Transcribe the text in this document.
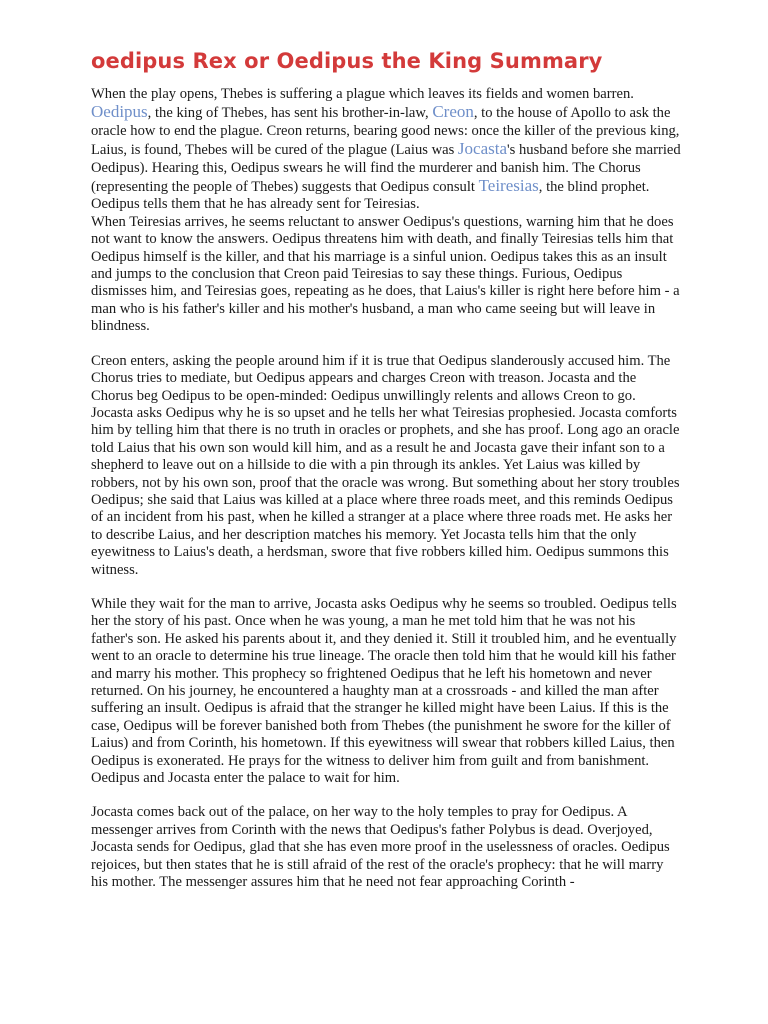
oedipus Rex or Oedipus the King Summary

When the play opens, Thebes is suffering a plague which leaves its fields and women barren. Oedipus, the king of Thebes, has sent his brother-in-law, Creon, to the house of Apollo to ask the oracle how to end the plague. Creon returns, bearing good news: once the killer of the previous king, Laius, is found, Thebes will be cured of the plague (Laius was Jocasta's husband before she married Oedipus). Hearing this, Oedipus swears he will find the murderer and banish him. The Chorus (representing the people of Thebes) suggests that Oedipus consult Teiresias, the blind prophet. Oedipus tells them that he has already sent for Teiresias.

When Teiresias arrives, he seems reluctant to answer Oedipus's questions, warning him that he does not want to know the answers. Oedipus threatens him with death, and finally Teiresias tells him that Oedipus himself is the killer, and that his marriage is a sinful union. Oedipus takes this as an insult and jumps to the conclusion that Creon paid Teiresias to say these things. Furious, Oedipus dismisses him, and Teiresias goes, repeating as he does, that Laius's killer is right here before him - a man who is his father's killer and his mother's husband, a man who came seeing but will leave in blindness.

Creon enters, asking the people around him if it is true that Oedipus slanderously accused him. The Chorus tries to mediate, but Oedipus appears and charges Creon with treason. Jocasta and the Chorus beg Oedipus to be open-minded: Oedipus unwillingly relents and allows Creon to go. Jocasta asks Oedipus why he is so upset and he tells her what Teiresias prophesied. Jocasta comforts him by telling him that there is no truth in oracles or prophets, and she has proof. Long ago an oracle told Laius that his own son would kill him, and as a result he and Jocasta gave their infant son to a shepherd to leave out on a hillside to die with a pin through its ankles. Yet Laius was killed by robbers, not by his own son, proof that the oracle was wrong. But something about her story troubles Oedipus; she said that Laius was killed at a place where three roads meet, and this reminds Oedipus of an incident from his past, when he killed a stranger at a place where three roads met. He asks her to describe Laius, and her description matches his memory. Yet Jocasta tells him that the only eyewitness to Laius's death, a herdsman, swore that five robbers killed him. Oedipus summons this witness.

While they wait for the man to arrive, Jocasta asks Oedipus why he seems so troubled. Oedipus tells her the story of his past. Once when he was young, a man he met told him that he was not his father's son. He asked his parents about it, and they denied it. Still it troubled him, and he eventually went to an oracle to determine his true lineage. The oracle then told him that he would kill his father and marry his mother. This prophecy so frightened Oedipus that he left his hometown and never returned. On his journey, he encountered a haughty man at a crossroads - and killed the man after suffering an insult. Oedipus is afraid that the stranger he killed might have been Laius. If this is the case, Oedipus will be forever banished both from Thebes (the punishment he swore for the killer of Laius) and from Corinth, his hometown. If this eyewitness will swear that robbers killed Laius, then Oedipus is exonerated. He prays for the witness to deliver him from guilt and from banishment. Oedipus and Jocasta enter the palace to wait for him.

Jocasta comes back out of the palace, on her way to the holy temples to pray for Oedipus. A messenger arrives from Corinth with the news that Oedipus's father Polybus is dead. Overjoyed, Jocasta sends for Oedipus, glad that she has even more proof in the uselessness of oracles. Oedipus rejoices, but then states that he is still afraid of the rest of the oracle's prophecy: that he will marry his mother. The messenger assures him that he need not fear approaching Corinth -
